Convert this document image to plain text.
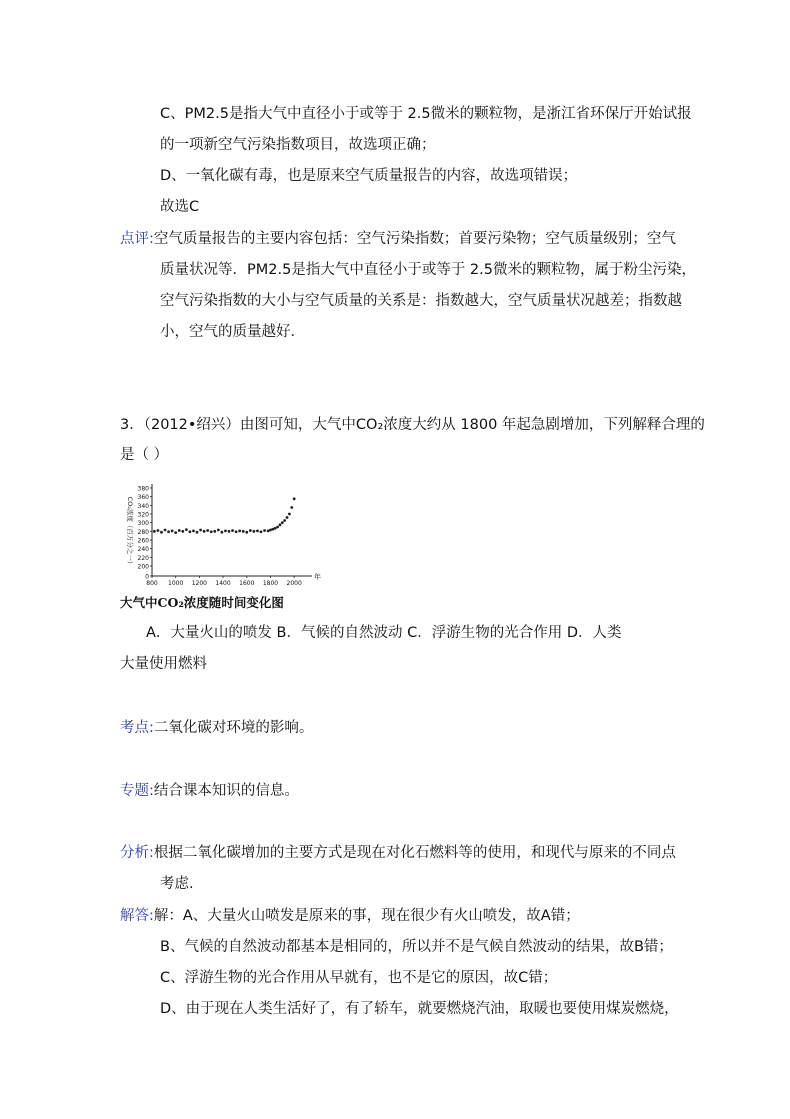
C、PM2.5是指大气中直径小于或等于 2.5微米的颗粒物，是浙江省环保厅开始试报
的一项新空气污染指数项目，故选项正确；
D、一氧化碳有毒，也是原来空气质量报告的内容，故选项错误；
故选C
点评:空气质量报告的主要内容包括：空气污染指数；首要污染物；空气质量级别；空气
质量状况等．PM2.5是指大气中直径小于或等于 2.5微米的颗粒物，属于粉尘污染，
空气污染指数的大小与空气质量的关系是：指数越大，空气质量状况越差；指数越
小，空气的质量越好．
3．（2012•绍兴）由图可知，大气中CO₂浓度大约从 1800 年起急剧增加，下列解释合理的
是（ ）
0
200
220
240
260
280
300
320
340
360
380
800 1000 1200 1400 1600 1800 2000
年
CO₂浓度（百万分之一）
大气中CO₂浓度随时间变化图
A．大量火山的喷发 B．气候的自然波动 C．浮游生物的光合作用 D．人类
大量使用燃料
考点:二氧化碳对环境的影响。
专题:结合课本知识的信息。
分析:根据二氧化碳增加的主要方式是现在对化石燃料等的使用，和现代与原来的不同点
考虑.
解答:解：A、大量火山喷发是原来的事，现在很少有火山喷发，故A错；
B、气候的自然波动都基本是相同的，所以并不是气候自然波动的结果，故B错；
C、浮游生物的光合作用从早就有，也不是它的原因，故C错；
D、由于现在人类生活好了，有了轿车，就要燃烧汽油，取暖也要使用煤炭燃烧，
